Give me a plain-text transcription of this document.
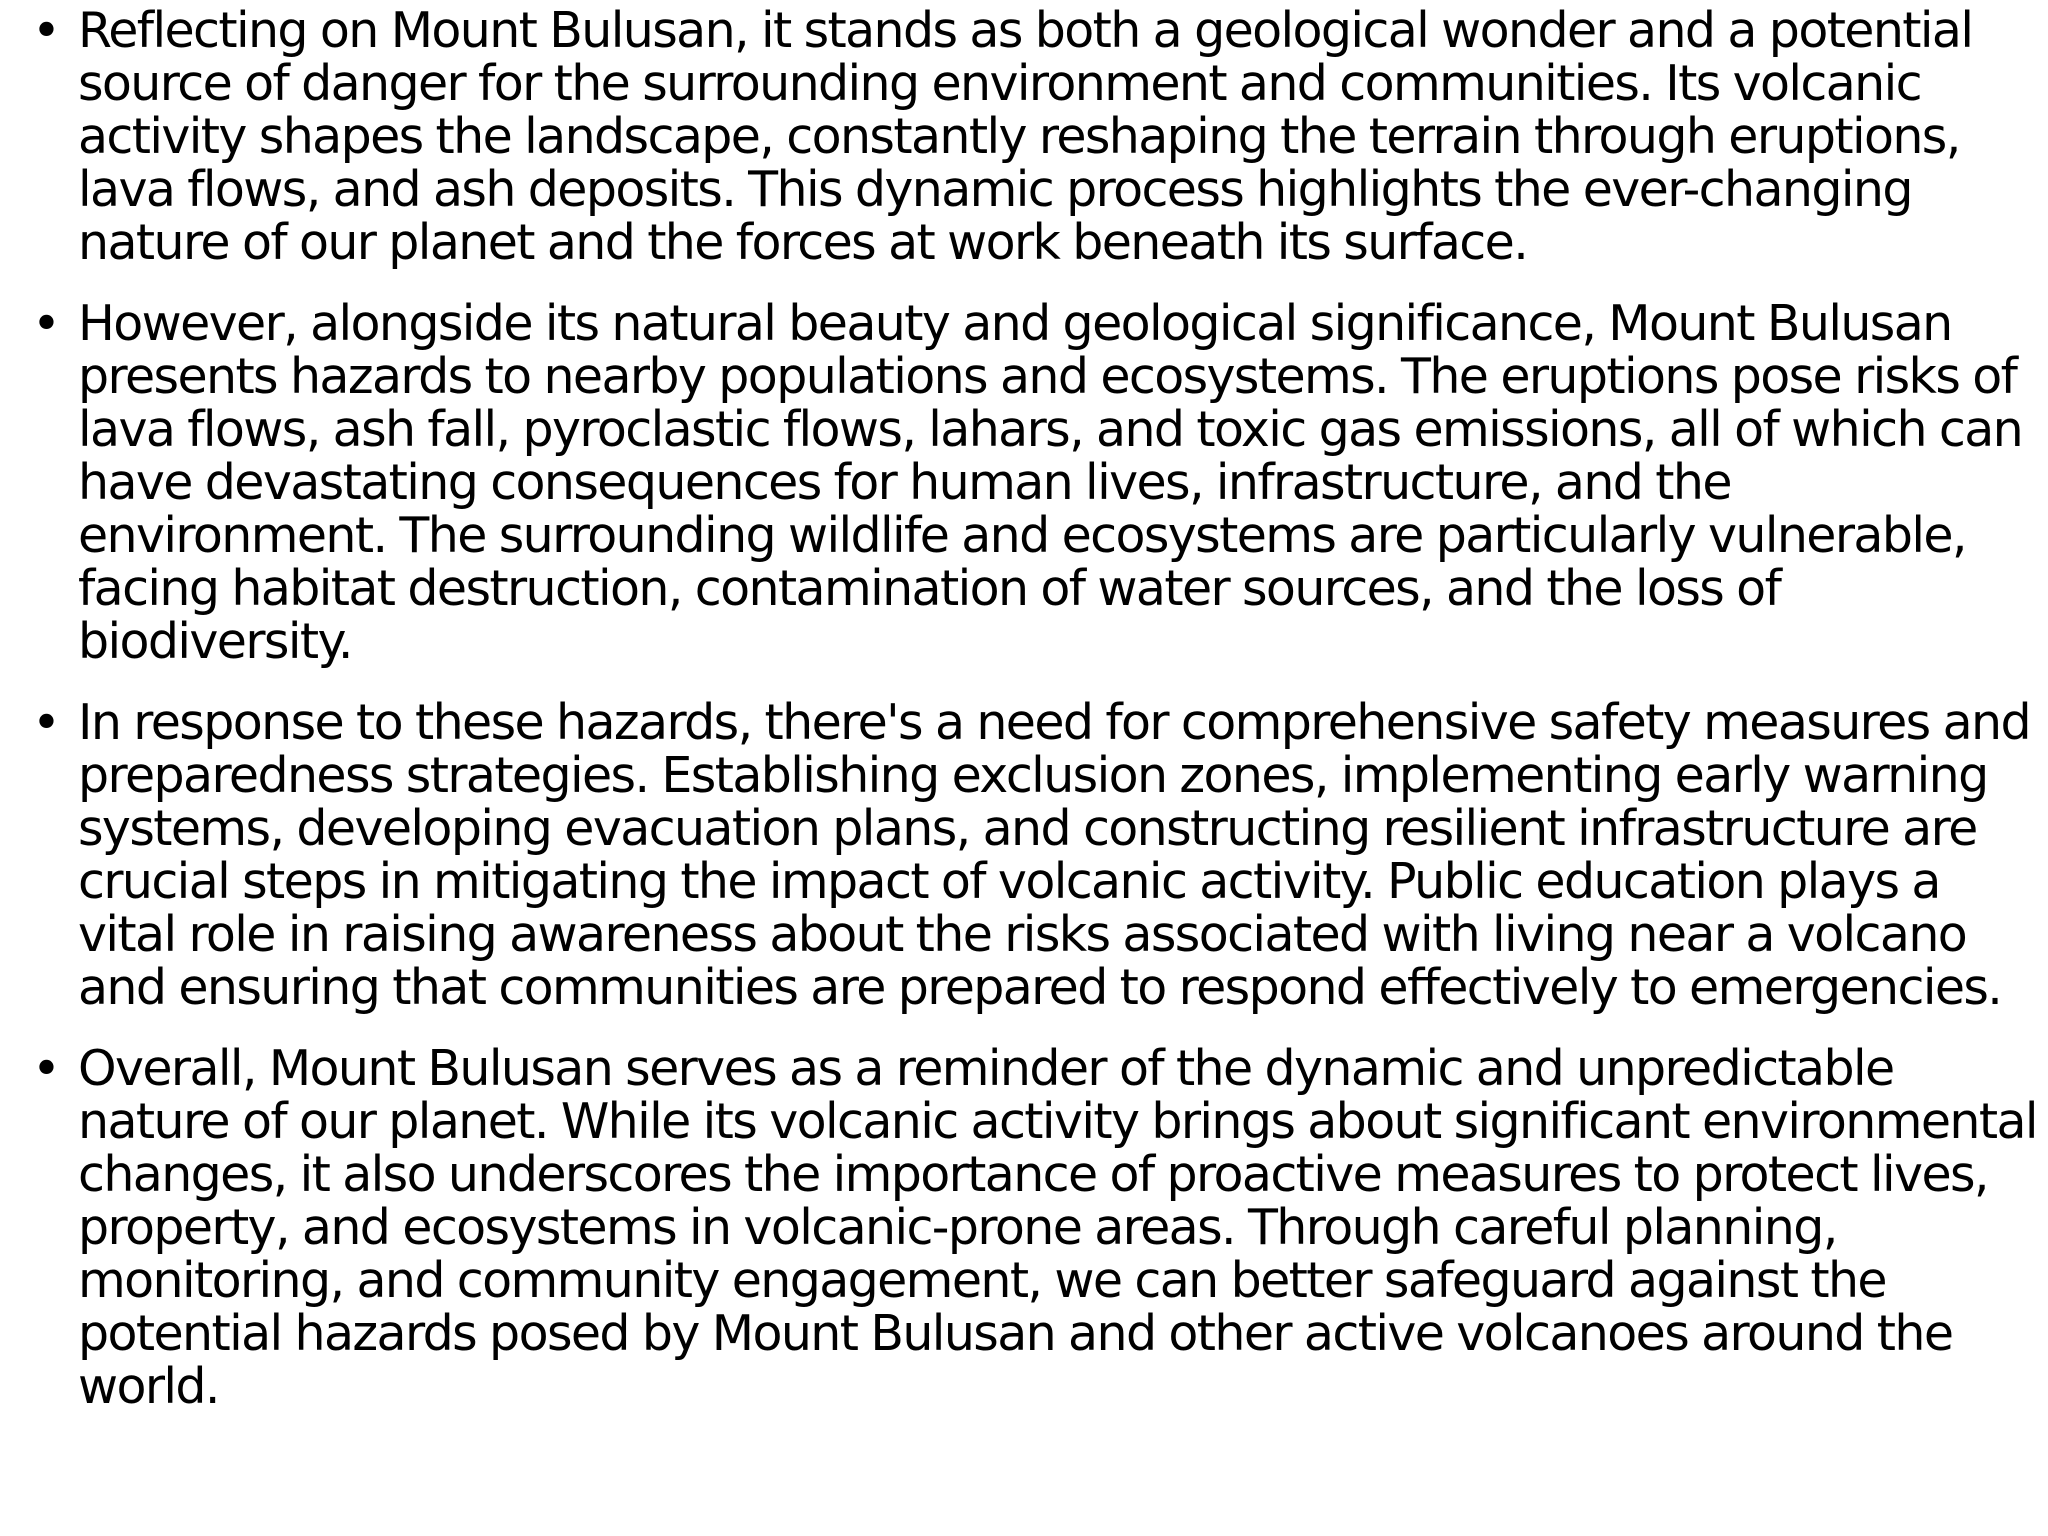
• Reflecting on Mount Bulusan, it stands as both a geological wonder and a potential source of danger for the surrounding environment and communities. Its volcanic activity shapes the landscape, constantly reshaping the terrain through eruptions, lava flows, and ash deposits. This dynamic process highlights the ever-changing nature of our planet and the forces at work beneath its surface.
• However, alongside its natural beauty and geological significance, Mount Bulusan presents hazards to nearby populations and ecosystems. The eruptions pose risks of lava flows, ash fall, pyroclastic flows, lahars, and toxic gas emissions, all of which can have devastating consequences for human lives, infrastructure, and the environment. The surrounding wildlife and ecosystems are particularly vulnerable, facing habitat destruction, contamination of water sources, and the loss of biodiversity.
• In response to these hazards, there's a need for comprehensive safety measures and preparedness strategies. Establishing exclusion zones, implementing early warning systems, developing evacuation plans, and constructing resilient infrastructure are crucial steps in mitigating the impact of volcanic activity. Public education plays a vital role in raising awareness about the risks associated with living near a volcano and ensuring that communities are prepared to respond effectively to emergencies.
• Overall, Mount Bulusan serves as a reminder of the dynamic and unpredictable nature of our planet. While its volcanic activity brings about significant environmental changes, it also underscores the importance of proactive measures to protect lives, property, and ecosystems in volcanic-prone areas. Through careful planning, monitoring, and community engagement, we can better safeguard against the potential hazards posed by Mount Bulusan and other active volcanoes around the world.
